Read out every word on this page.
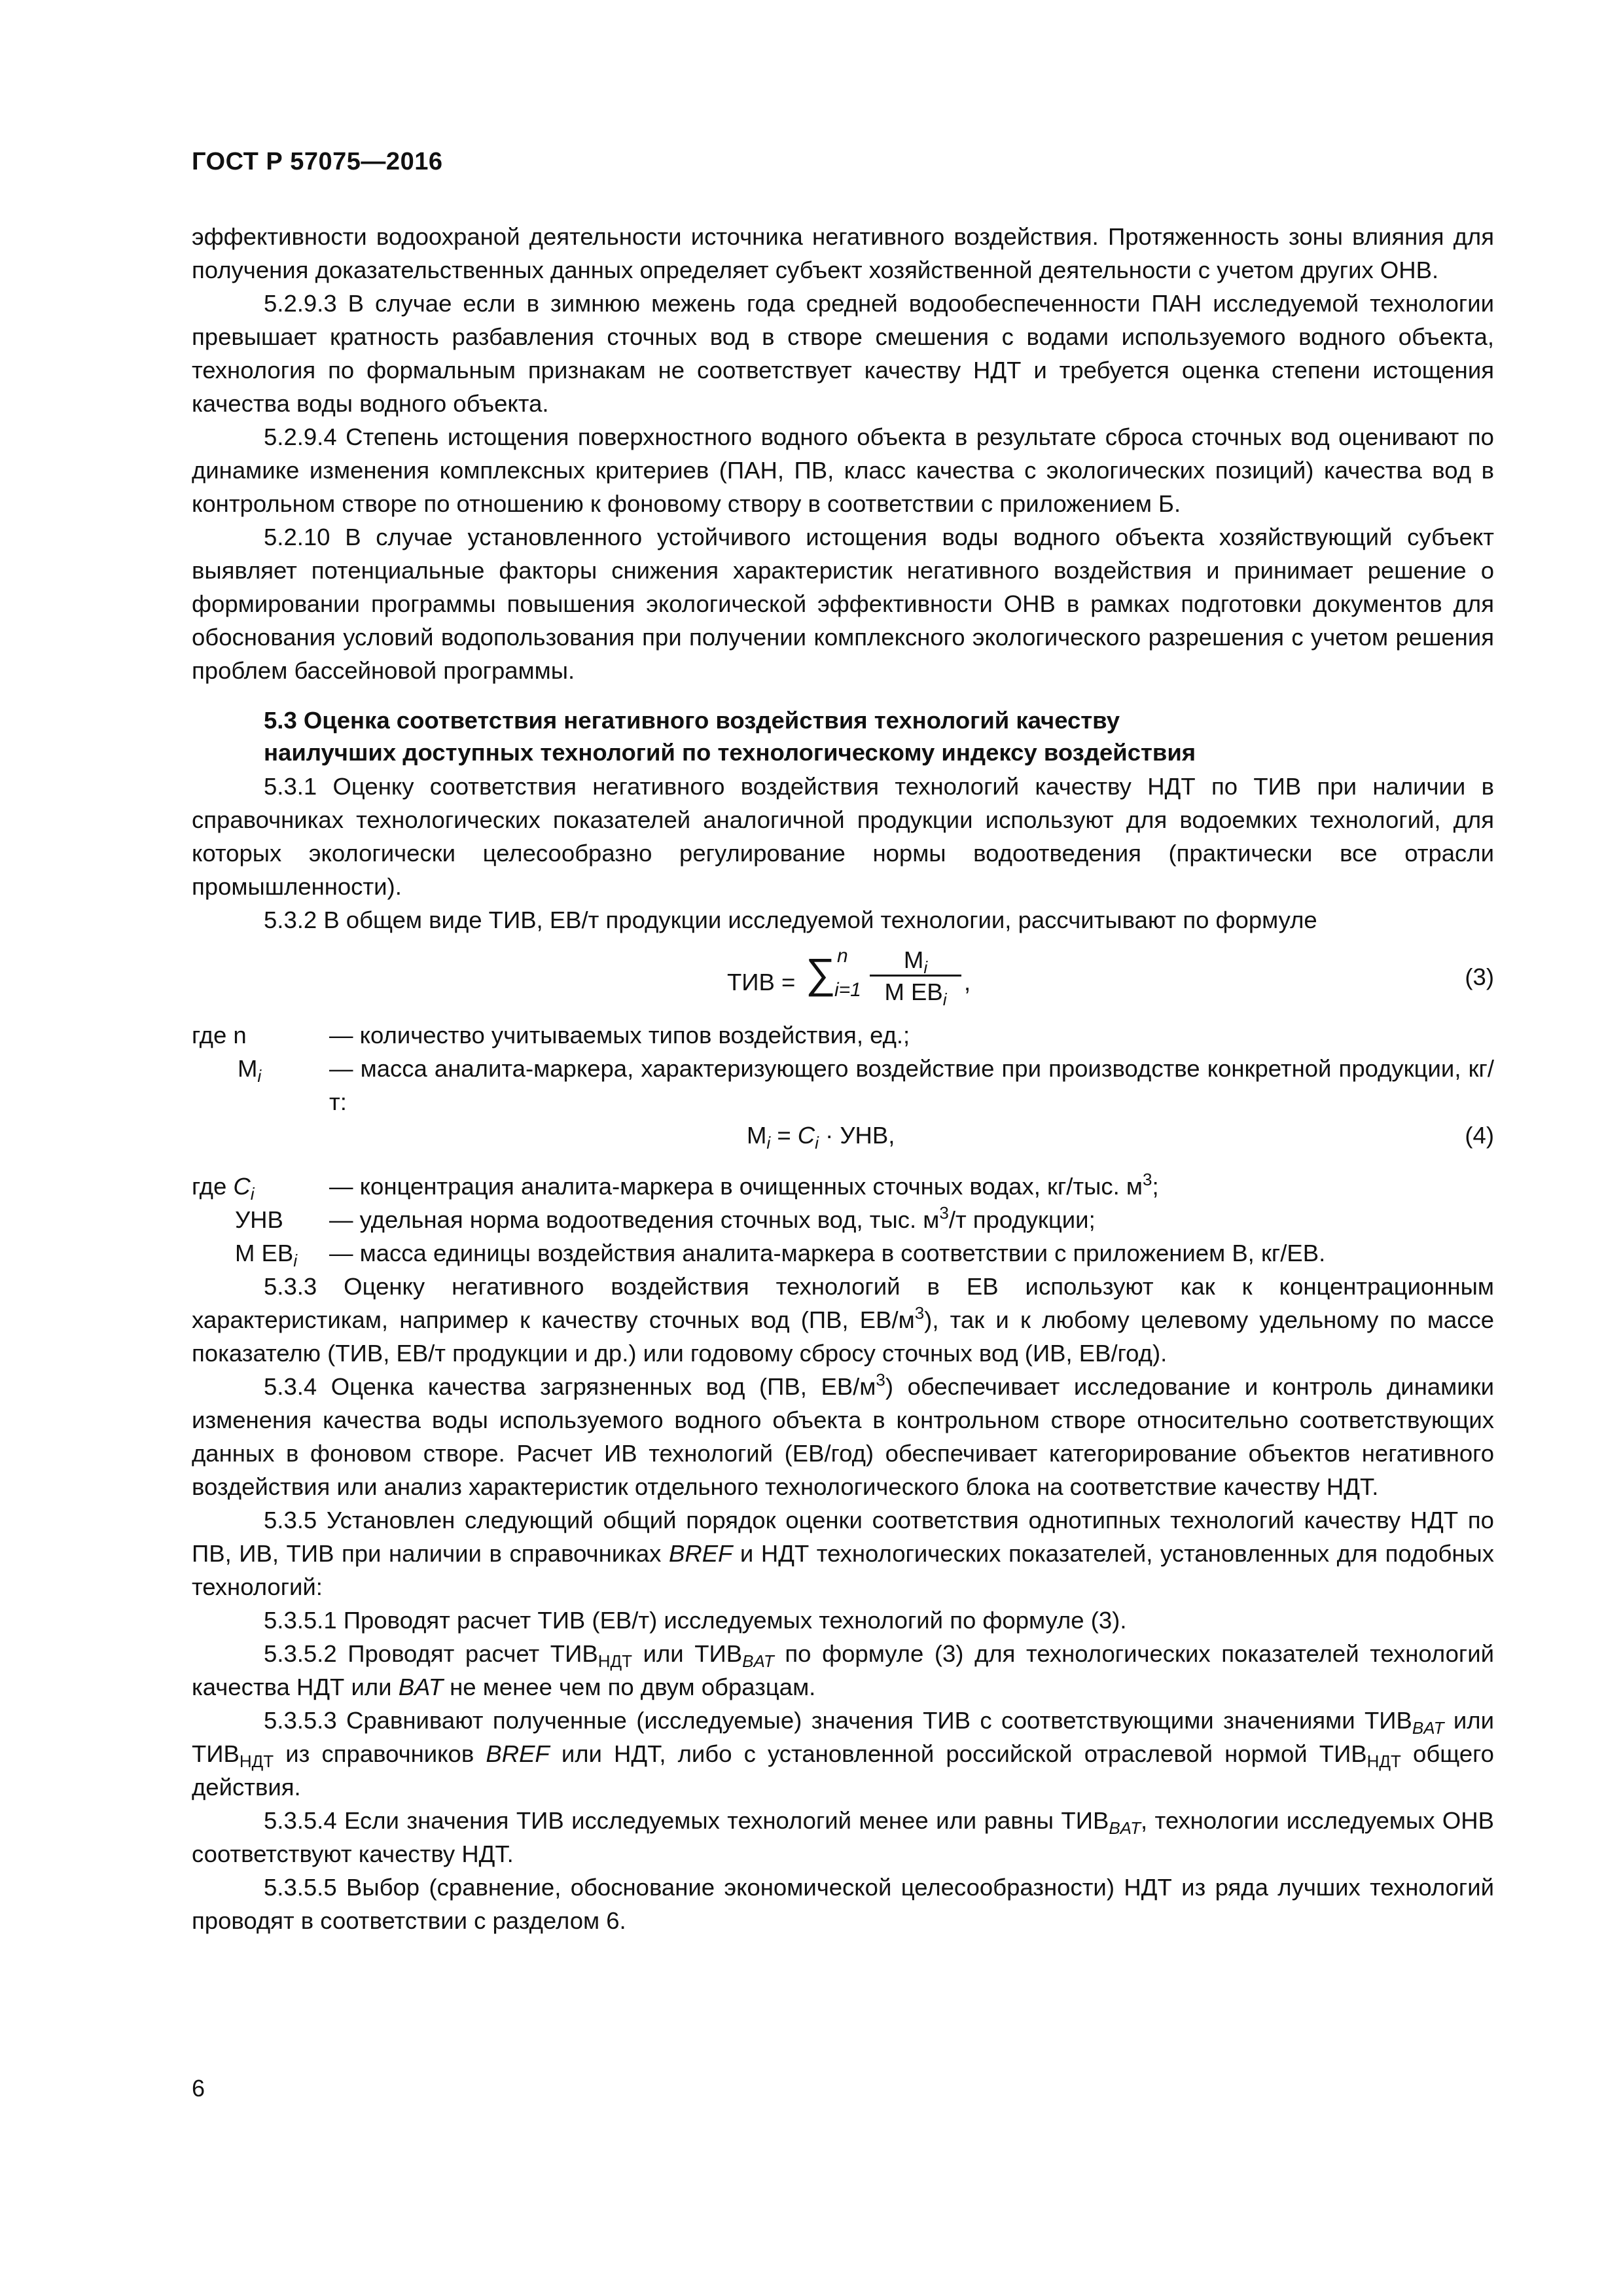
ГОСТ Р 57075—2016

эффективности водоохраной деятельности источника негативного воздействия. Протяженность зоны влияния для получения доказательственных данных определяет субъект хозяйственной деятельности с учетом других ОНВ.

5.2.9.3 В случае если в зимнюю межень года средней водообеспеченности ПАН исследуемой технологии превышает кратность разбавления сточных вод в створе смешения с водами используемого водного объекта, технология по формальным признакам не соответствует качеству НДТ и требуется оценка степени истощения качества воды водного объекта.

5.2.9.4 Степень истощения поверхностного водного объекта в результате сброса сточных вод оценивают по динамике изменения комплексных критериев (ПАН, ПВ, класс качества с экологических позиций) качества вод в контрольном створе по отношению к фоновому створу в соответствии с приложением Б.

5.2.10 В случае установленного устойчивого истощения воды водного объекта хозяйствующий субъект выявляет потенциальные факторы снижения характеристик негативного воздействия и принимает решение о формировании программы повышения экологической эффективности ОНВ в рамках подготовки документов для обоснования условий водопользования при получении комплексного экологического разрешения с учетом решения проблем бассейновой программы.

5.3 Оценка соответствия негативного воздействия технологий качеству
наилучших доступных технологий по технологическому индексу воздействия

5.3.1 Оценку соответствия негативного воздействия технологий качеству НДТ по ТИВ при наличии в справочниках технологических показателей аналогичной продукции используют для водоемких технологий, для которых экологически целесообразно регулирование нормы водоотведения (практически все отрасли промышленности).

5.3.2 В общем виде ТИВ, ЕВ/т продукции исследуемой технологии, рассчитывают по формуле

ТИВ = ∑ n
i=1
$M_i$
М $ЕВ_i$
,	(3)
где n	— количество учитываемых типов воздействия, ед.;
$M_i$	— масса аналита-маркера, характеризующего воздействие при производстве конкретной продукции, кг/т:
$M_i = C_i$ · УНВ,	(4)
где $C_i$	— концентрация аналита-маркера в очищенных сточных водах, кг/тыс. $м^3$;
УНВ — удельная норма водоотведения сточных вод, тыс. $м^3/т$ продукции;
М $ЕВ_i$ — масса единицы воздействия аналита-маркера в соответствии с приложением В, кг/ЕВ.

5.3.3 Оценку негативного воздействия технологий в ЕВ используют как к концентрационным характеристикам, например к качеству сточных вод (ПВ, $ЕВ/м^3$), так и к любому целевому удельному по массе показателю (ТИВ, ЕВ/т продукции и др.) или годовому сбросу сточных вод (ИВ, ЕВ/год).

5.3.4 Оценка качества загрязненных вод (ПВ, $ЕВ/м^3$) обеспечивает исследование и контроль динамики изменения качества воды используемого водного объекта в контрольном створе относительно соответствующих данных в фоновом створе. Расчет ИВ технологий (ЕВ/год) обеспечивает категорирование объектов негативного воздействия или анализ характеристик отдельного технологического блока на соответствие качеству НДТ.

5.3.5 Установлен следующий общий порядок оценки соответствия однотипных технологий качеству НДТ по ПВ, ИВ, ТИВ при наличии в справочниках BREF и НДТ технологических показателей, установленных для подобных технологий:

5.3.5.1 Проводят расчет ТИВ (ЕВ/т) исследуемых технологий по формуле (3).

5.3.5.2 Проводят расчет $ТИВ_{НДТ}$ или $ТИВ_{BAT}$ по формуле (3) для технологических показателей технологий качества НДТ или BAT не менее чем по двум образцам.

5.3.5.3 Сравнивают полученные (исследуемые) значения ТИВ с соответствующими значениями $ТИВ_{BAT}$ или $ТИВ_{НДТ}$ из справочников BREF или НДТ, либо с установленной российской отраслевой нормой $ТИВ_{НДТ}$ общего действия.

5.3.5.4 Если значения ТИВ исследуемых технологий менее или равны $ТИВ_{BAT}$, технологии исследуемых ОНВ соответствуют качеству НДТ.

5.3.5.5 Выбор (сравнение, обоснование экономической целесообразности) НДТ из ряда лучших технологий проводят в соответствии с разделом 6.

6
